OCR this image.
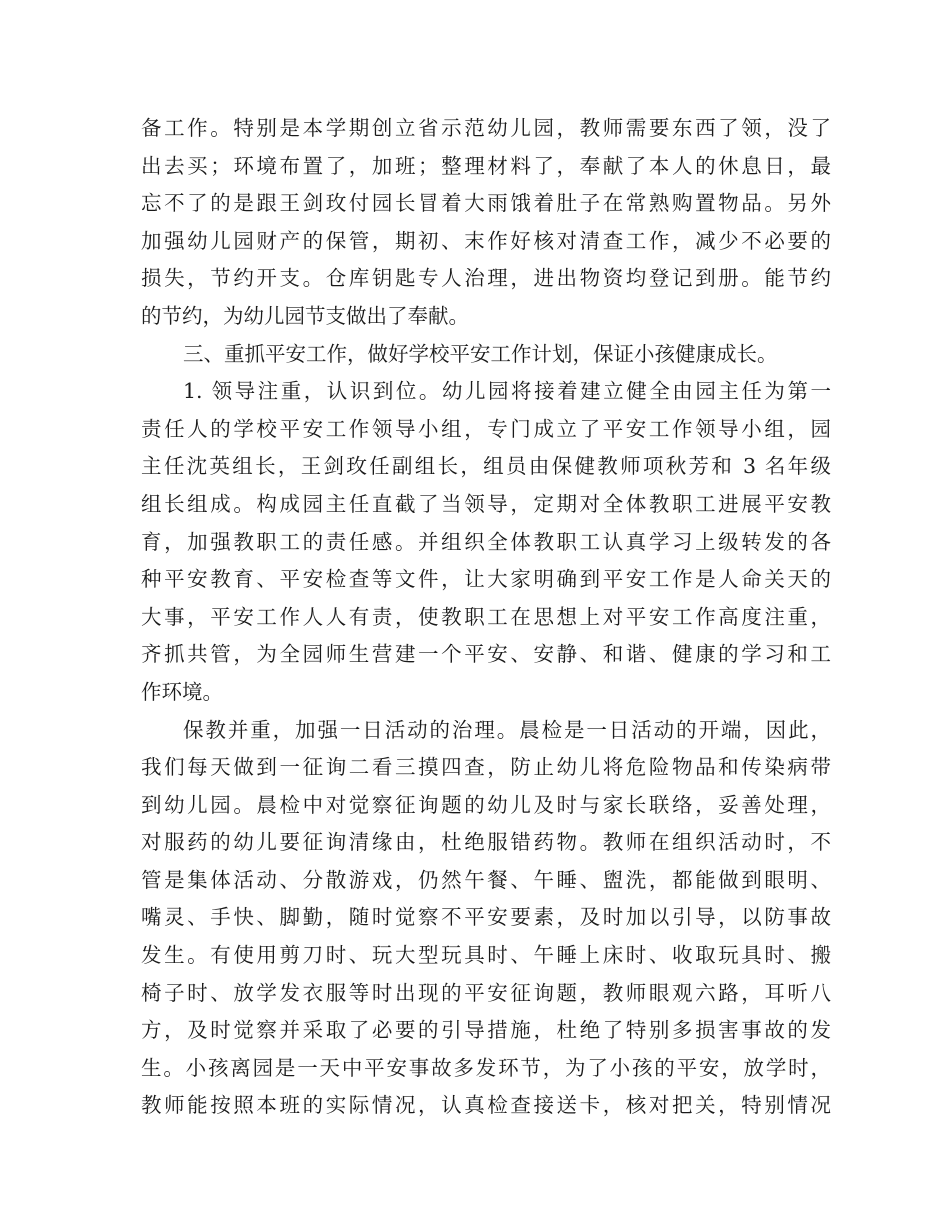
备工作。特别是本学期创立省示范幼儿园，教师需要东西了领，没了
出去买；环境布置了，加班；整理材料了，奉献了本人的休息日，最
忘不了的是跟王剑玫付园长冒着大雨饿着肚子在常熟购置物品。另外
加强幼儿园财产的保管，期初、末作好核对清查工作，减少不必要的
损失，节约开支。仓库钥匙专人治理，进出物资均登记到册。能节约
的节约，为幼儿园节支做出了奉献。
三、重抓平安工作，做好学校平安工作计划，保证小孩健康成长。
1. 领导注重，认识到位。幼儿园将接着建立健全由园主任为第一
责任人的学校平安工作领导小组，专门成立了平安工作领导小组，园
主任沈英组长，王剑玫任副组长，组员由保健教师项秋芳和 3 名年级
组长组成。构成园主任直截了当领导，定期对全体教职工进展平安教
育，加强教职工的责任感。并组织全体教职工认真学习上级转发的各
种平安教育、平安检查等文件，让大家明确到平安工作是人命关天的
大事，平安工作人人有责，使教职工在思想上对平安工作高度注重，
齐抓共管，为全园师生营建一个平安、安静、和谐、健康的学习和工
作环境。
保教并重，加强一日活动的治理。晨检是一日活动的开端，因此，
我们每天做到一征询二看三摸四查，防止幼儿将危险物品和传染病带
到幼儿园。晨检中对觉察征询题的幼儿及时与家长联络，妥善处理，
对服药的幼儿要征询清缘由，杜绝服错药物。教师在组织活动时，不
管是集体活动、分散游戏，仍然午餐、午睡、盥洗，都能做到眼明、
嘴灵、手快、脚勤，随时觉察不平安要素，及时加以引导，以防事故
发生。有使用剪刀时、玩大型玩具时、午睡上床时、收取玩具时、搬
椅子时、放学发衣服等时出现的平安征询题，教师眼观六路，耳听八
方，及时觉察并采取了必要的引导措施，杜绝了特别多损害事故的发
生。小孩离园是一天中平安事故多发环节，为了小孩的平安，放学时，
教师能按照本班的实际情况，认真检查接送卡，核对把关，特别情况
